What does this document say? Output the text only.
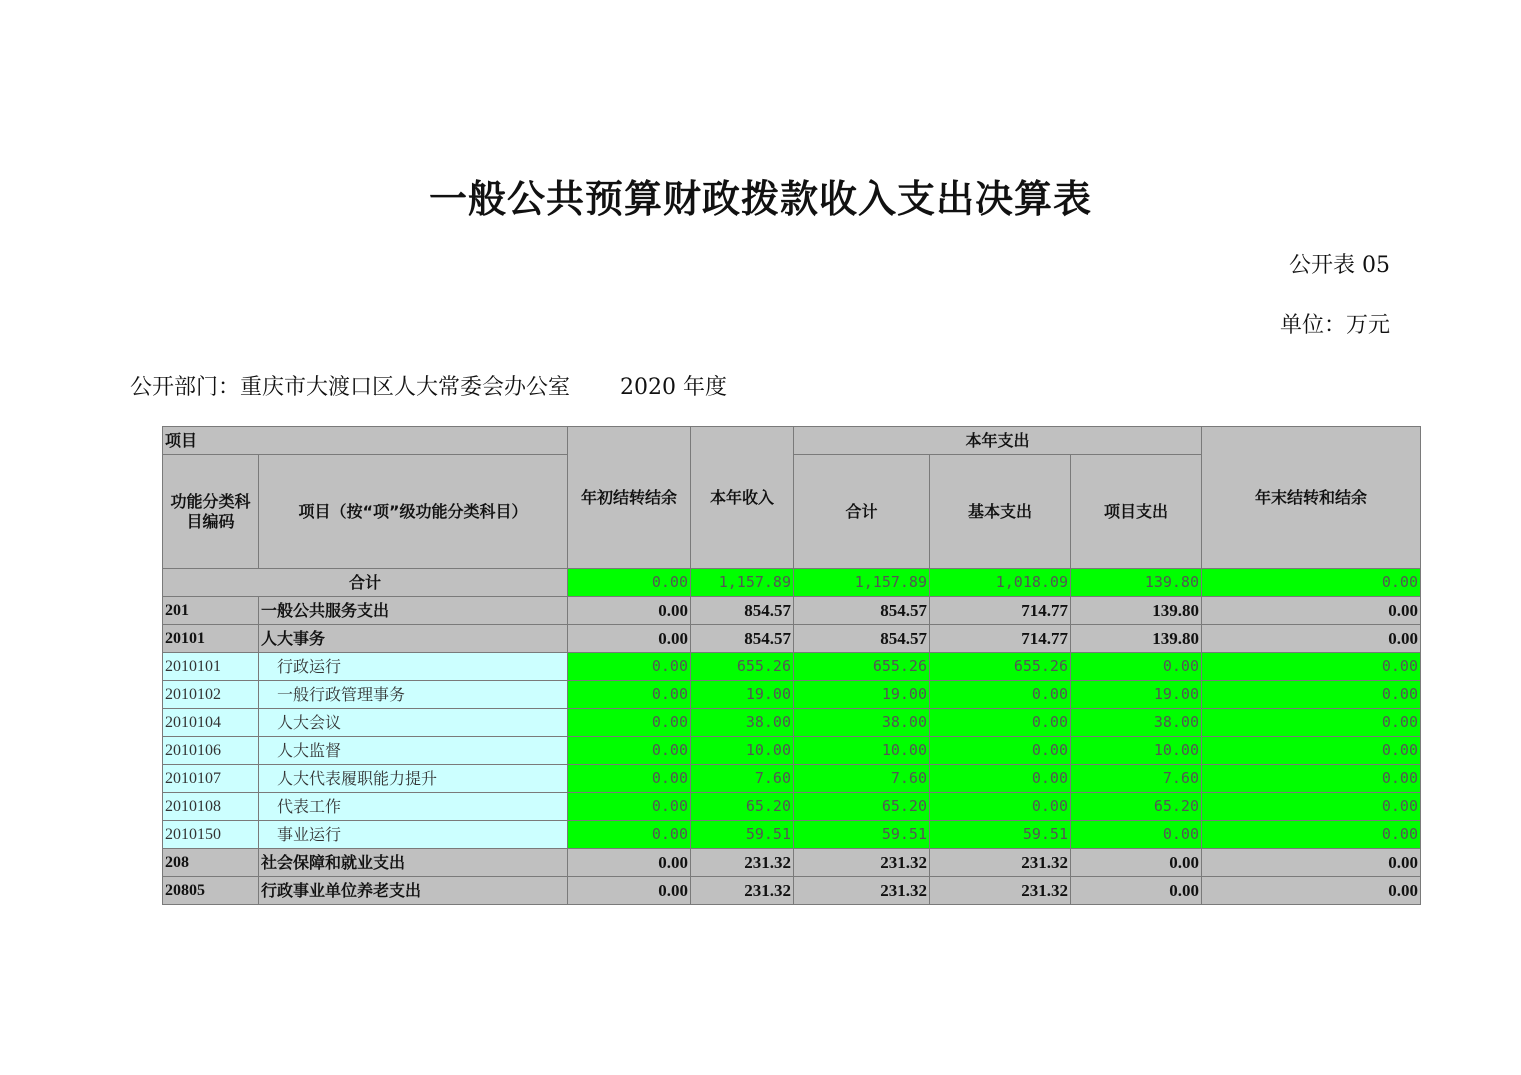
一般公共预算财政拨款收入支出决算表
公开表 05
单位：万元
公开部门：重庆市大渡口区人大常委会办公室 2020 年度
项目		年初结转结余	本年收入	本年支出			年末结转和结余
功能分类科目编码	项目（按“项”级功能分类科目）			合计	基本支出	项目支出	
合计		0.00	1,157.89	1,157.89	1,018.09	139.80	0.00
201	一般公共服务支出	0.00	854.57	854.57	714.77	139.80	0.00
20101	人大事务	0.00	854.57	854.57	714.77	139.80	0.00
2010101	行政运行	0.00	655.26	655.26	655.26	0.00	0.00
2010102	一般行政管理事务	0.00	19.00	19.00	0.00	19.00	0.00
2010104	人大会议	0.00	38.00	38.00	0.00	38.00	0.00
2010106	人大监督	0.00	10.00	10.00	0.00	10.00	0.00
2010107	人大代表履职能力提升	0.00	7.60	7.60	0.00	7.60	0.00
2010108	代表工作	0.00	65.20	65.20	0.00	65.20	0.00
2010150	事业运行	0.00	59.51	59.51	59.51	0.00	0.00
208	社会保障和就业支出	0.00	231.32	231.32	231.32	0.00	0.00
20805	行政事业单位养老支出	0.00	231.32	231.32	231.32	0.00	0.00
